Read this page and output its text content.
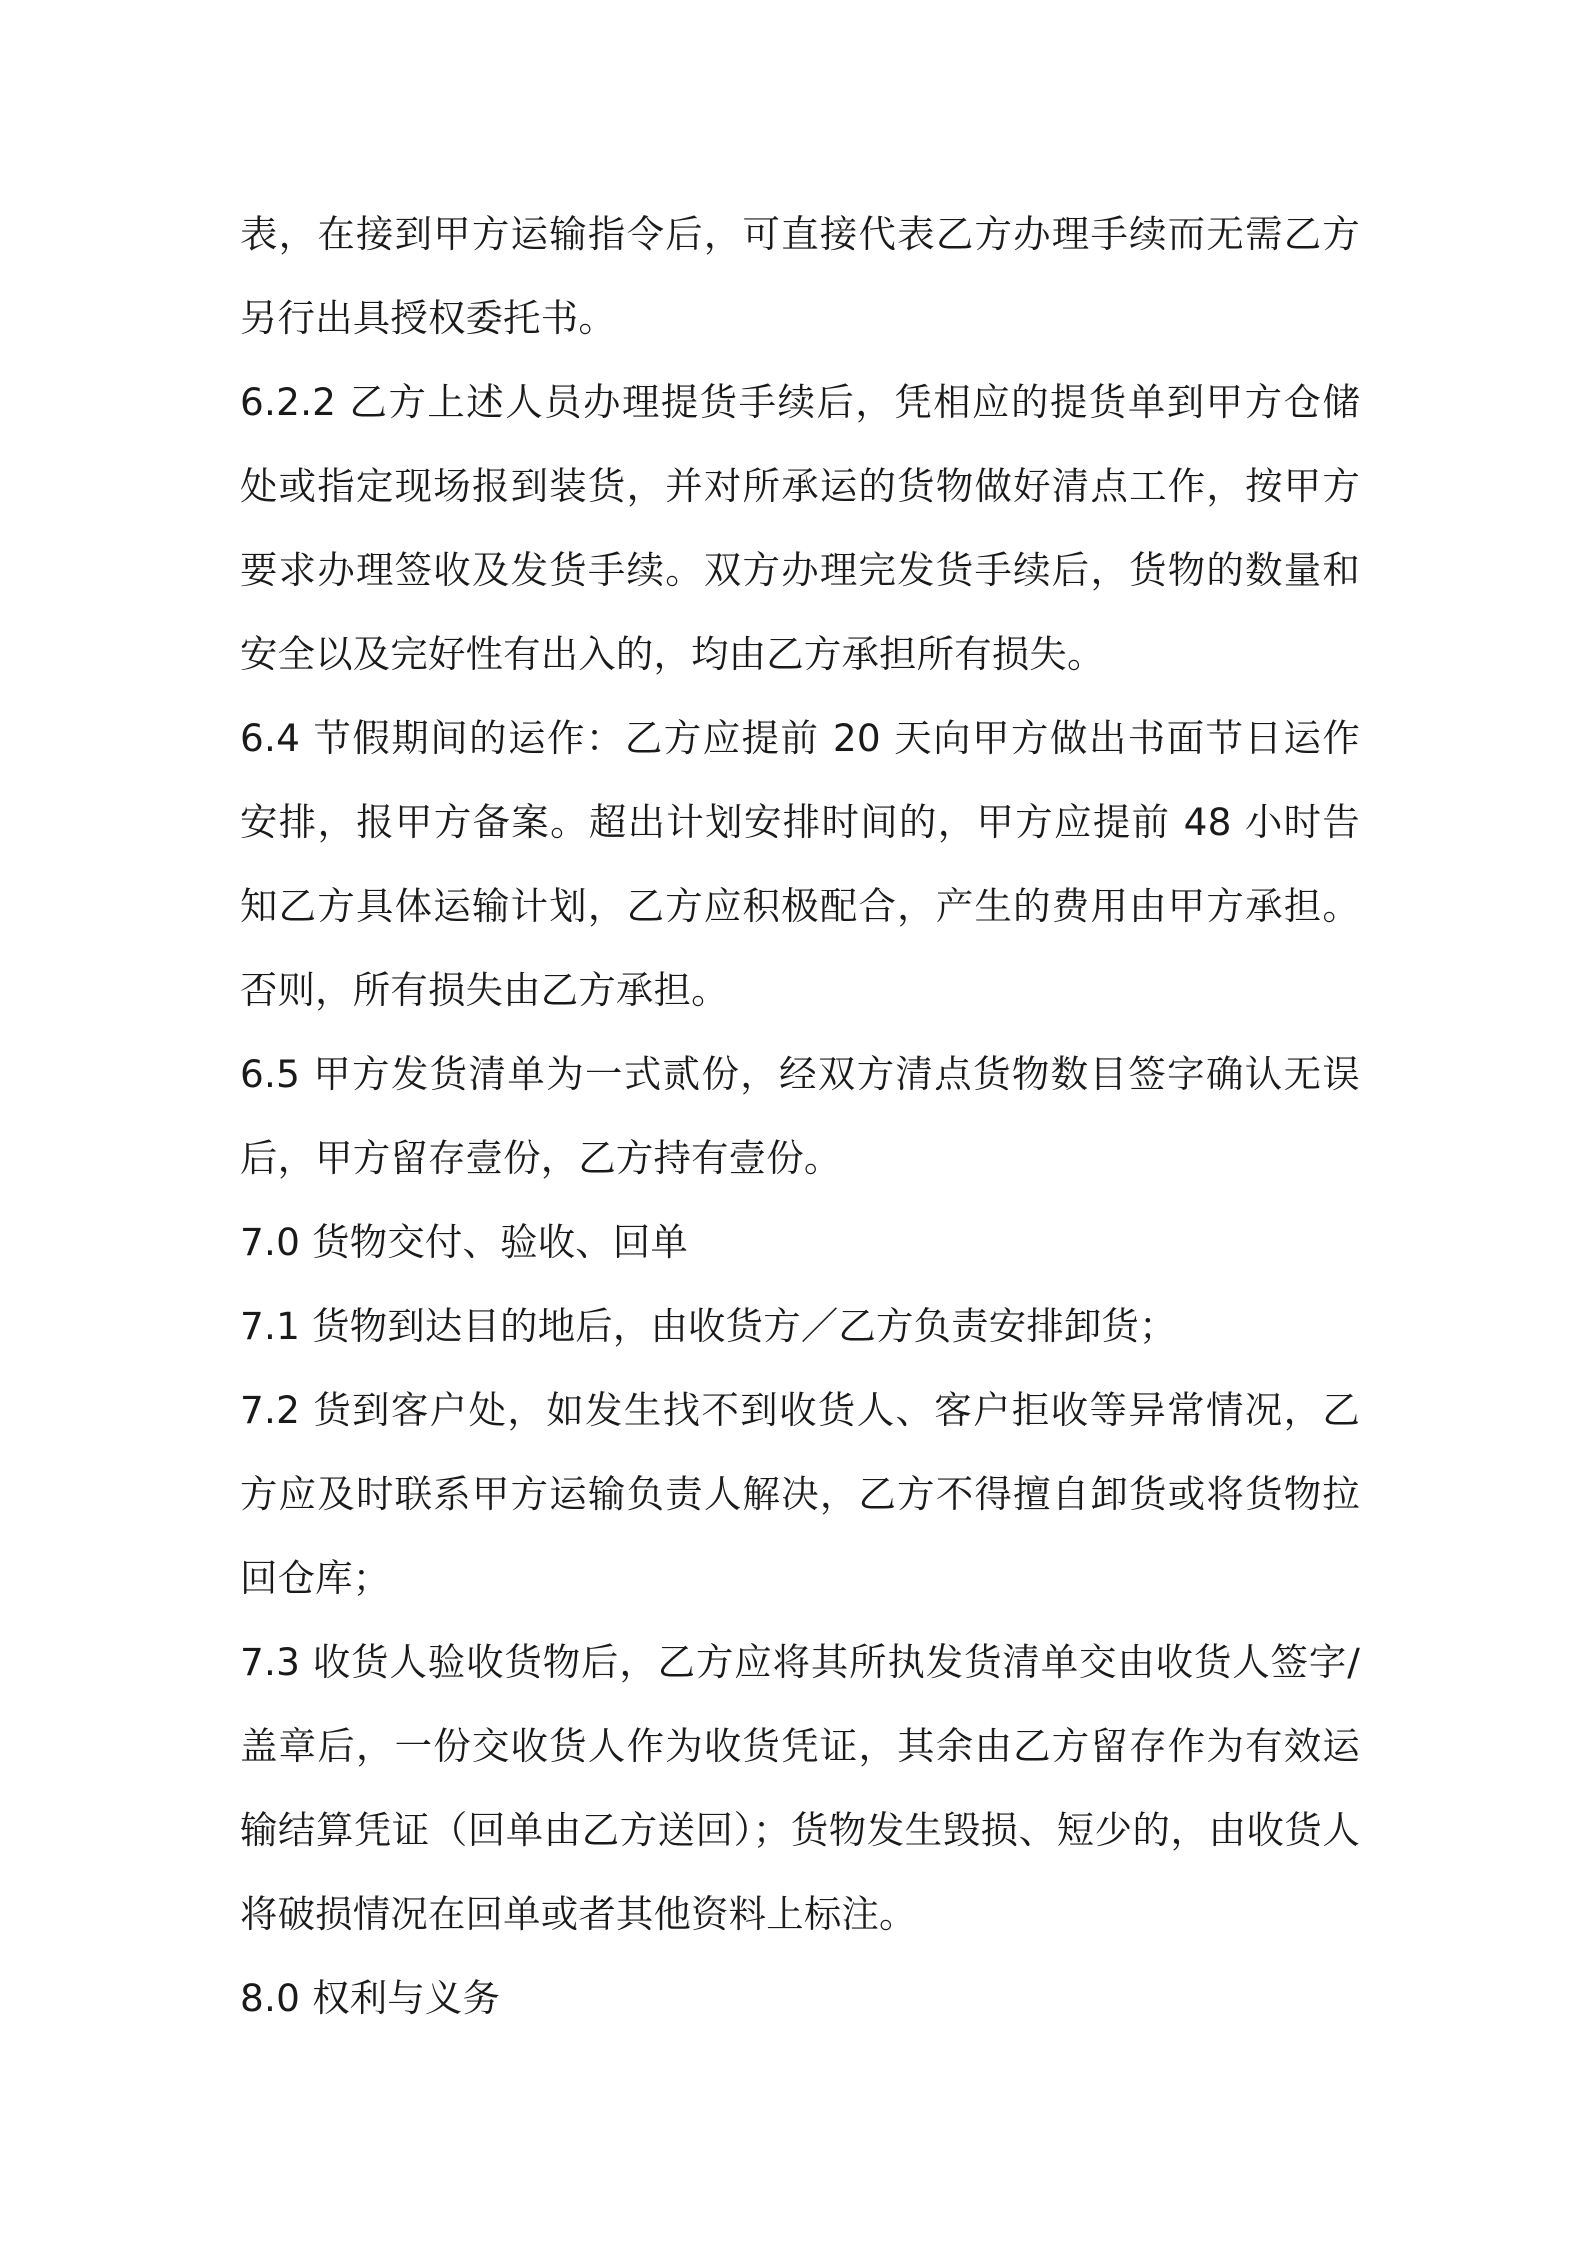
表，在接到甲方运输指令后，可直接代表乙方办理手续而无需乙方另行出具授权委托书。

6.2.2 乙方上述人员办理提货手续后，凭相应的提货单到甲方仓储处或指定现场报到装货，并对所承运的货物做好清点工作，按甲方要求办理签收及发货手续。双方办理完发货手续后，货物的数量和安全以及完好性有出入的，均由乙方承担所有损失。

6.4 节假期间的运作：乙方应提前 20 天向甲方做出书面节日运作安排，报甲方备案。超出计划安排时间的，甲方应提前 48 小时告知乙方具体运输计划，乙方应积极配合，产生的费用由甲方承担。否则，所有损失由乙方承担。

6.5 甲方发货清单为一式贰份，经双方清点货物数目签字确认无误后，甲方留存壹份，乙方持有壹份。

7.0 货物交付、验收、回单

7.1 货物到达目的地后，由收货方／乙方负责安排卸货；

7.2 货到客户处，如发生找不到收货人、客户拒收等异常情况，乙方应及时联系甲方运输负责人解决，乙方不得擅自卸货或将货物拉回仓库；

7.3 收货人验收货物后，乙方应将其所执发货清单交由收货人签字/盖章后，一份交收货人作为收货凭证，其余由乙方留存作为有效运输结算凭证（回单由乙方送回）；货物发生毁损、短少的，由收货人将破损情况在回单或者其他资料上标注。

8.0 权利与义务
